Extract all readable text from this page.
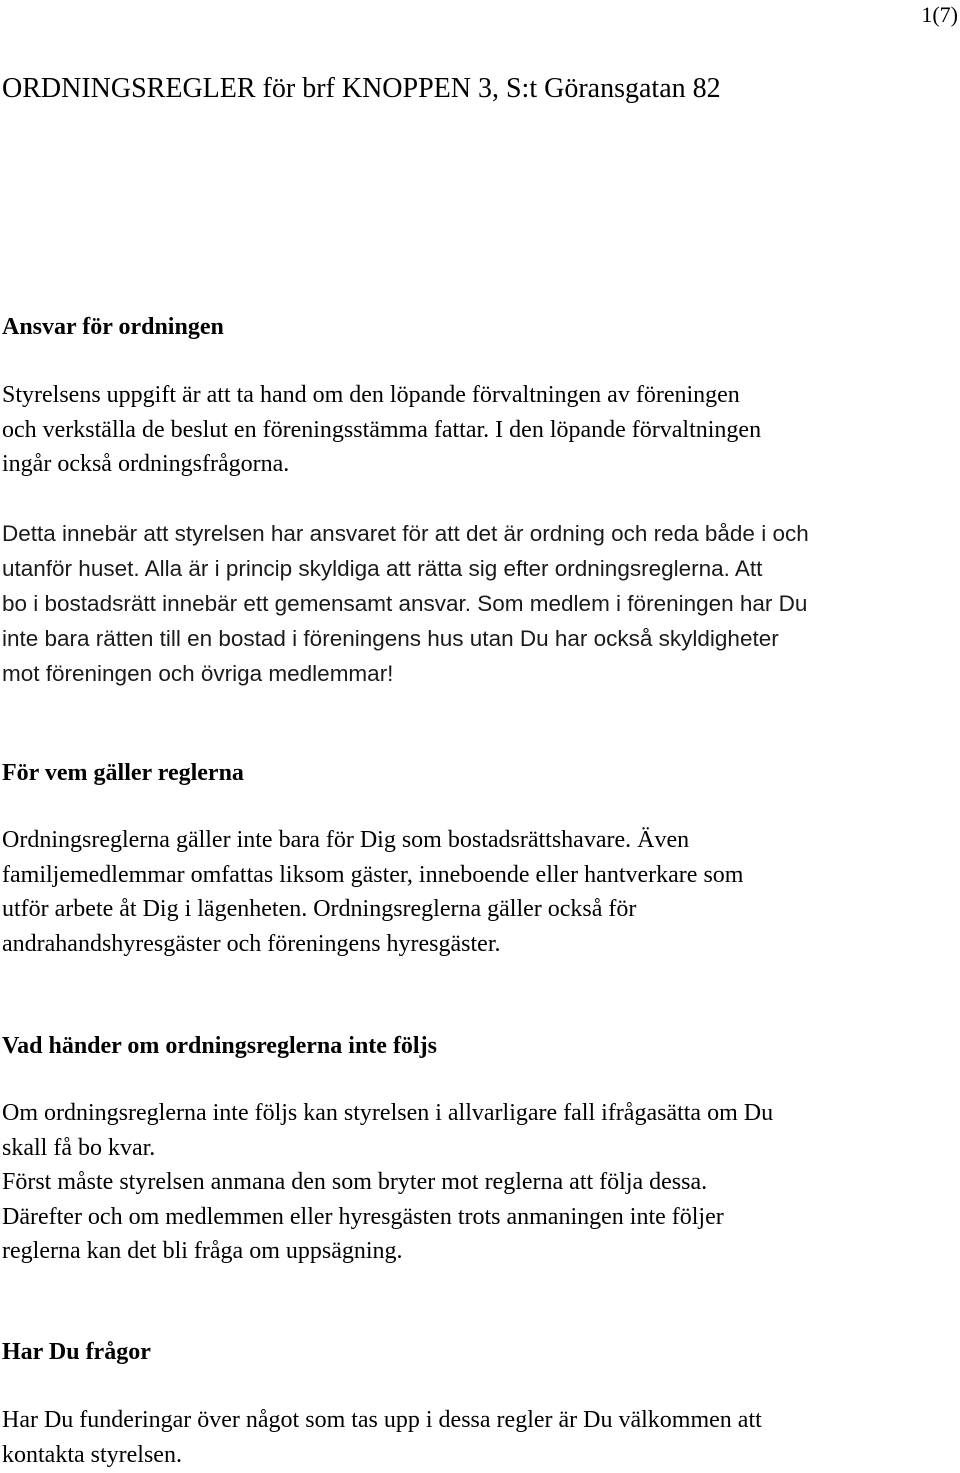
1(7)
ORDNINGSREGLER för brf KNOPPEN 3, S:t Göransgatan 82
Ansvar för ordningen

Styrelsens uppgift är att ta hand om den löpande förvaltningen av föreningen
och verkställa de beslut en föreningsstämma fattar. I den löpande förvaltningen
ingår också ordningsfrågorna.

Detta innebär att styrelsen har ansvaret för att det är ordning och reda både i och
utanför huset. Alla är i princip skyldiga att rätta sig efter ordningsreglerna. Att
bo i bostadsrätt innebär ett gemensamt ansvar. Som medlem i föreningen har Du
inte bara rätten till en bostad i föreningens hus utan Du har också skyldigheter
mot föreningen och övriga medlemmar!

För vem gäller reglerna

Ordningsreglerna gäller inte bara för Dig som bostadsrättshavare. Även
familjemedlemmar omfattas liksom gäster, inneboende eller hantverkare som
utför arbete åt Dig i lägenheten. Ordningsreglerna gäller också för
andrahandshyresgäster och föreningens hyresgäster.

Vad händer om ordningsreglerna inte följs

Om ordningsreglerna inte följs kan styrelsen i allvarligare fall ifrågasätta om Du
skall få bo kvar.
Först måste styrelsen anmana den som bryter mot reglerna att följa dessa.
Därefter och om medlemmen eller hyresgästen trots anmaningen inte följer
reglerna kan det bli fråga om uppsägning.

Har Du frågor

Har Du funderingar över något som tas upp i dessa regler är Du välkommen att
kontakta styrelsen.
